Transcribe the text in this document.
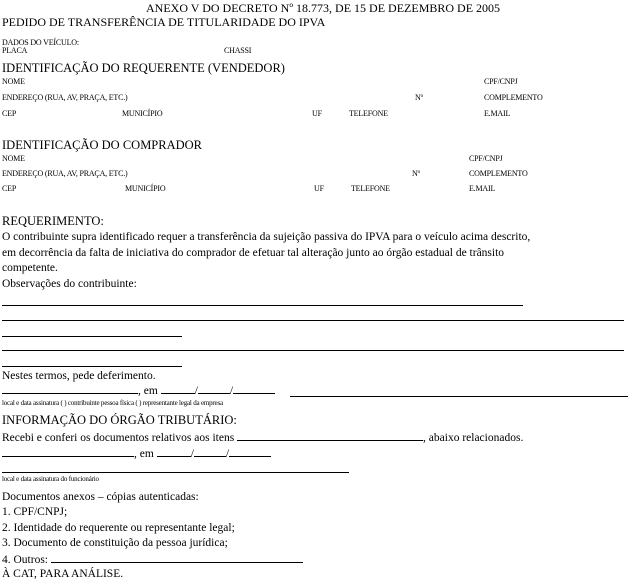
ANEXO V DO DECRETO Nº 18.773, DE 15 DE DEZEMBRO DE 2005
PEDIDO DE TRANSFERÊNCIA DE TITULARIDADE DO IPVA
DADOS DO VEÍCULO:
PLACA	CHASSI
IDENTIFICAÇÃO DO REQUERENTE (VENDEDOR)
NOME	CPF/CNPJ
ENDEREÇO (RUA, AV, PRAÇA, ETC.)	Nº	COMPLEMENTO
CEP	MUNICÍPIO	UF	TELEFONE	E.MAIL
IDENTIFICAÇÃO DO COMPRADOR
NOME	CPF/CNPJ
ENDEREÇO (RUA, AV, PRAÇA, ETC.)	Nº	COMPLEMENTO
CEP	MUNICÍPIO	UF	TELEFONE	E.MAIL
REQUERIMENTO:
O contribuinte supra identificado requer a transferência da sujeição passiva do IPVA para o veículo acima descrito,
em decorrência da falta de iniciativa do comprador de efetuar tal alteração junto ao órgão estadual de trânsito
competente.
Observações do contribuinte:
Nestes termos, pede deferimento.
, em	/	/
local e data assinatura ( ) contribuinte pessoa física ( ) representante legal da empresa
INFORMAÇÃO DO ÓRGÃO TRIBUTÁRIO:
Recebi e conferi os documentos relativos aos itens	, abaixo relacionados.
, em	/	/
local e data assinatura do funcionário
Documentos anexos – cópias autenticadas:
1. CPF/CNPJ;
2. Identidade do requerente ou representante legal;
3. Documento de constituição da pessoa jurídica;
4. Outros:
À CAT, PARA ANÁLISE.
